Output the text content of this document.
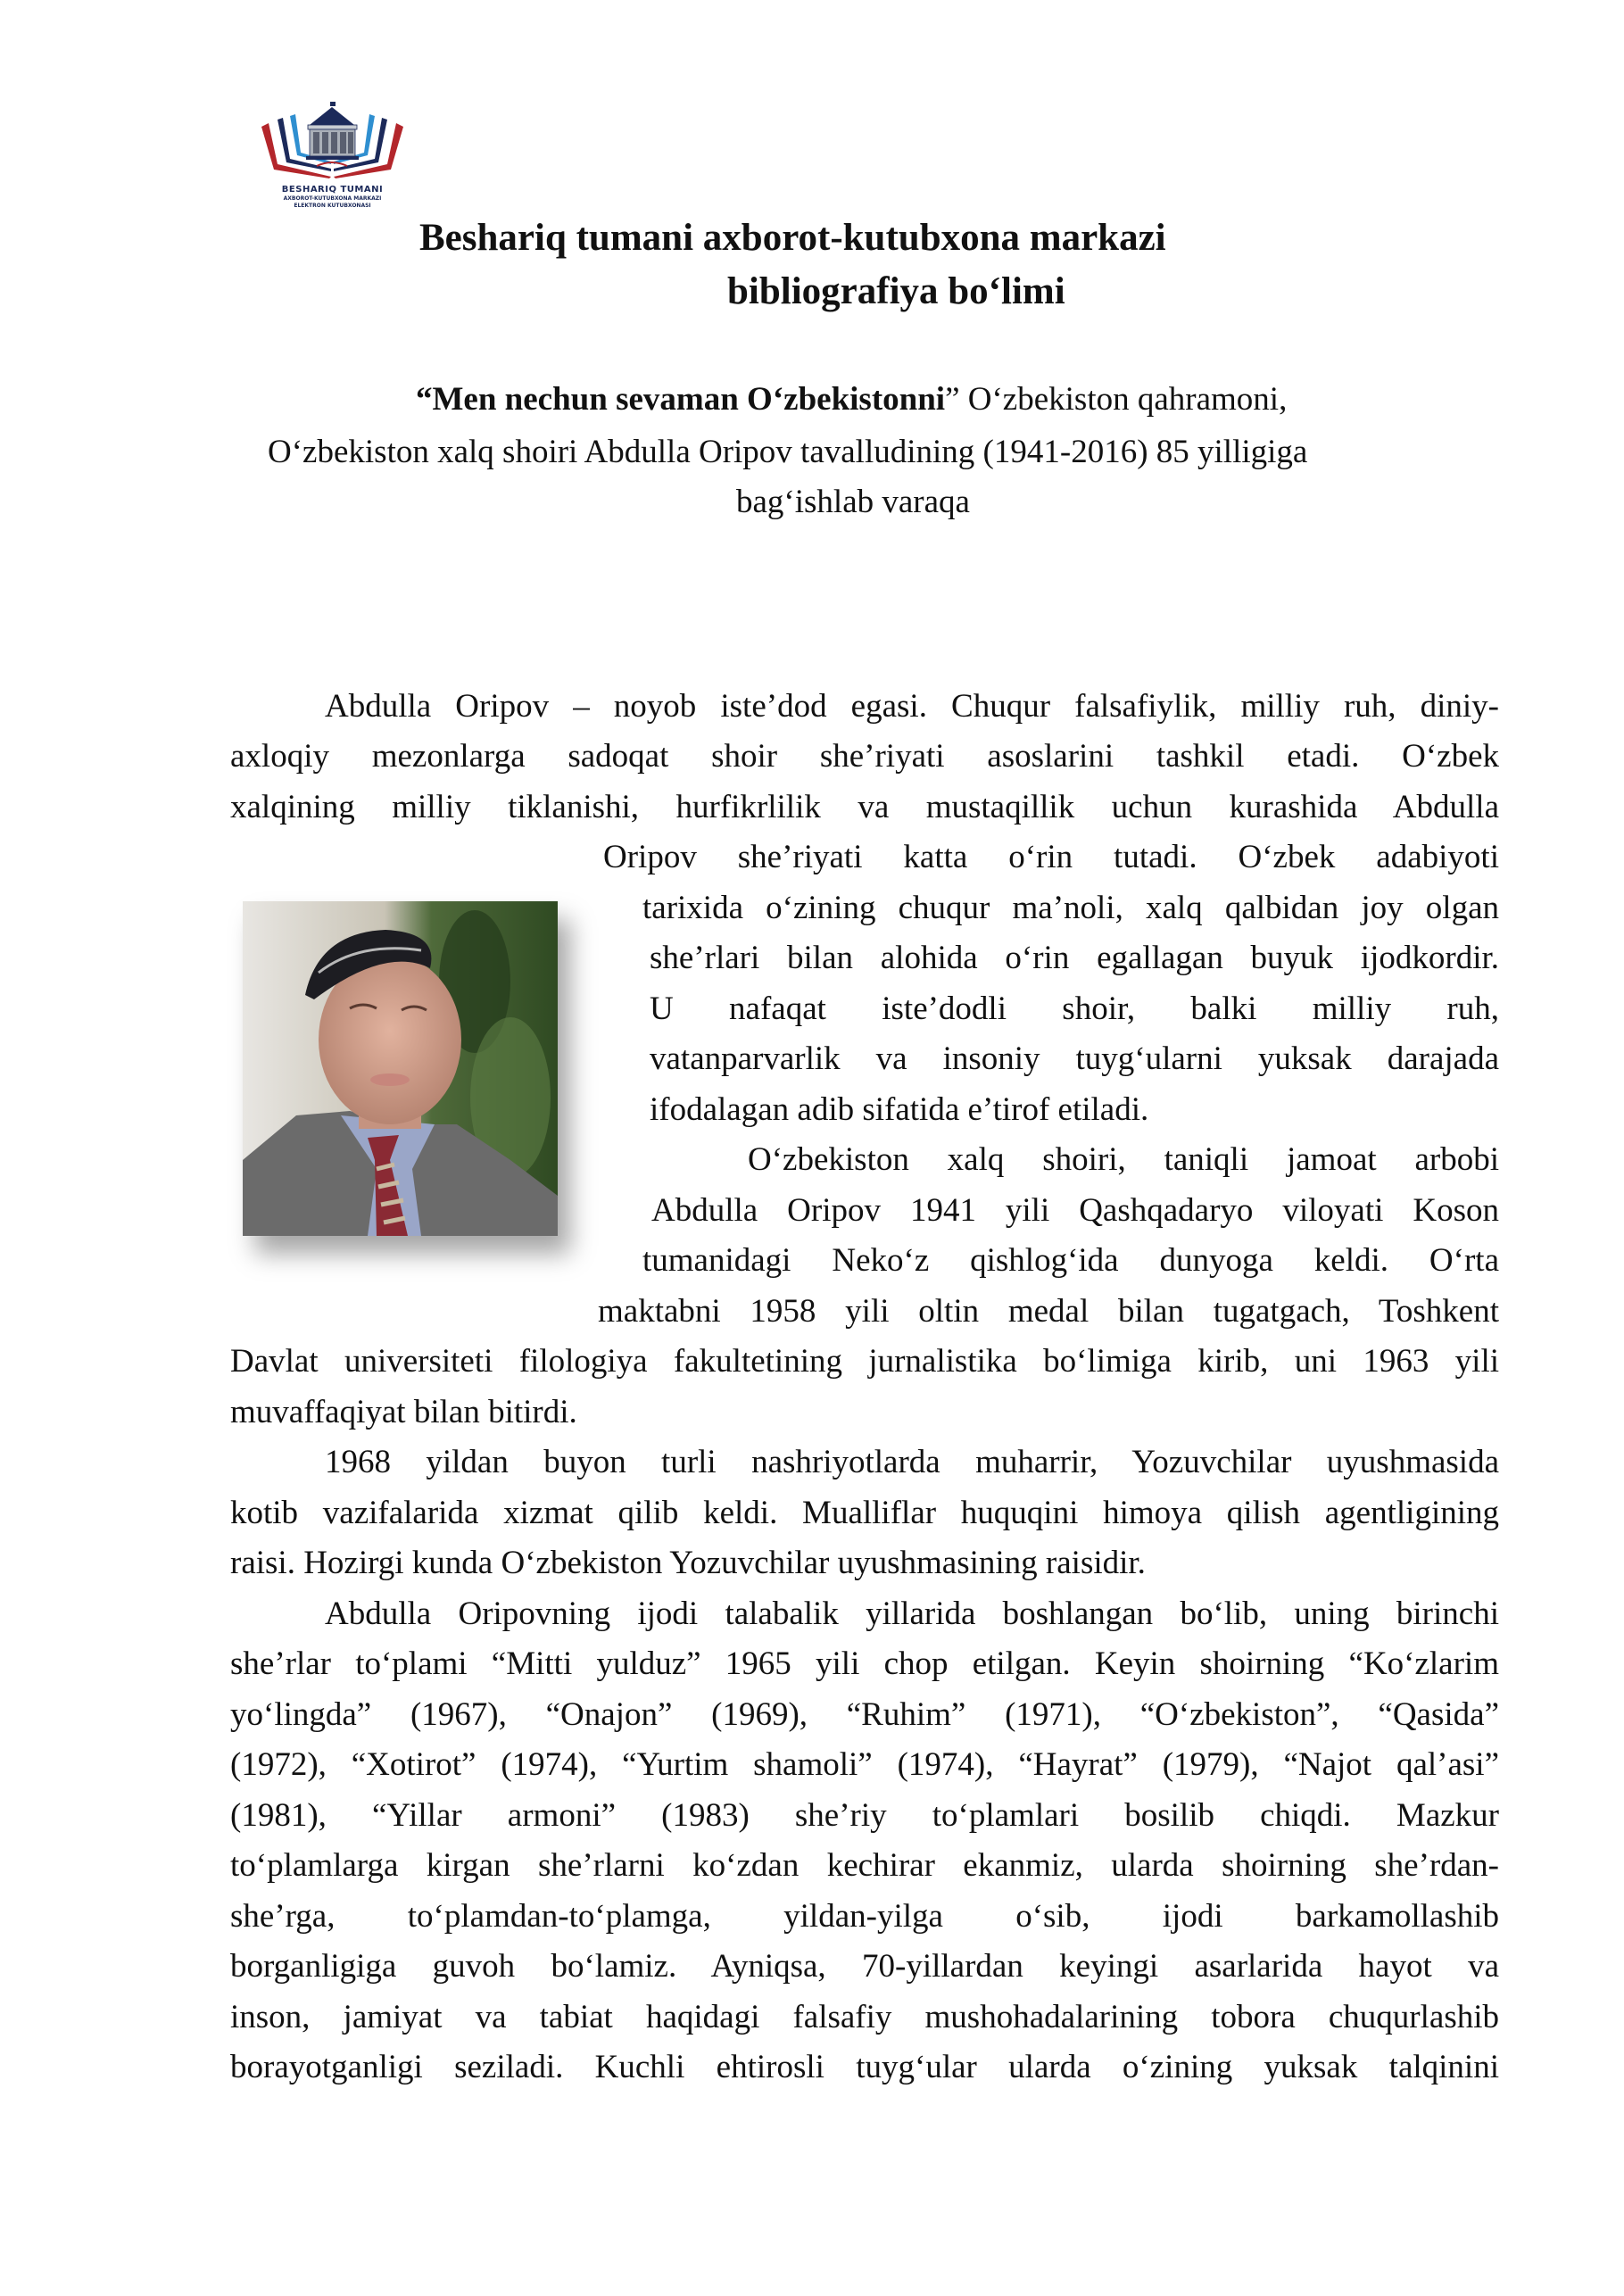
BESHARIQ TUMANI
AXBOROT-KUTUBXONA MARKAZI
ELEKTRON KUTUBXONASI
Beshariq tumani axborot-kutubxona markazi
bibliografiya bo‘limi
“Men nechun sevaman O‘zbekistonni” O‘zbekiston qahramoni,
O‘zbekiston xalq shoiri Abdulla Oripov tavalludining (1941-2016) 85 yilligiga
bag‘ishlab varaqa
Abdulla Oripov – noyob iste’dod egasi. Chuqur falsafiylik, milliy ruh, diniy-
axloqiy mezonlarga sadoqat shoir she’riyati asoslarini tashkil etadi. O‘zbek
xalqining milliy tiklanishi, hurfikrlilik va mustaqillik uchun kurashida Abdulla
Oripov she’riyati katta o‘rin tutadi. O‘zbek adabiyoti
tarixida o‘zining chuqur ma’noli, xalq qalbidan joy olgan
she’rlari bilan alohida o‘rin egallagan buyuk ijodkordir.
U nafaqat iste’dodli shoir, balki milliy ruh,
vatanparvarlik va insoniy tuyg‘ularni yuksak darajada
ifodalagan adib sifatida e’tirof etiladi.
O‘zbekiston xalq shoiri, taniqli jamoat arbobi
Abdulla Oripov 1941 yili Qashqadaryo viloyati Koson
tumanidagi Neko‘z qishlog‘ida dunyoga keldi. O‘rta
maktabni 1958 yili oltin medal bilan tugatgach, Toshkent
Davlat universiteti filologiya fakultetining jurnalistika bo‘limiga kirib, uni 1963 yili
muvaffaqiyat bilan bitirdi.
1968 yildan buyon turli nashriyotlarda muharrir, Yozuvchilar uyushmasida
kotib vazifalarida xizmat qilib keldi. Mualliflar huquqini himoya qilish agentligining
raisi. Hozirgi kunda O‘zbekiston Yozuvchilar uyushmasining raisidir.
Abdulla Oripovning ijodi talabalik yillarida boshlangan bo‘lib, uning birinchi
she’rlar to‘plami “Mitti yulduz” 1965 yili chop etilgan. Keyin shoirning “Ko‘zlarim
yo‘lingda” (1967), “Onajon” (1969), “Ruhim” (1971), “O‘zbekiston”, “Qasida”
(1972), “Xotirot” (1974), “Yurtim shamoli” (1974), “Hayrat” (1979), “Najot qal’asi”
(1981), “Yillar armoni” (1983) she’riy to‘plamlari bosilib chiqdi. Mazkur
to‘plamlarga kirgan she’rlarni ko‘zdan kechirar ekanmiz, ularda shoirning she’rdan-
she’rga, to‘plamdan-to‘plamga, yildan-yilga o‘sib, ijodi barkamollashib
borganligiga guvoh bo‘lamiz. Ayniqsa, 70-yillardan keyingi asarlarida hayot va
inson, jamiyat va tabiat haqidagi falsafiy mushohadalarining tobora chuqurlashib
borayotganligi seziladi. Kuchli ehtirosli tuyg‘ular ularda o‘zining yuksak talqinini
